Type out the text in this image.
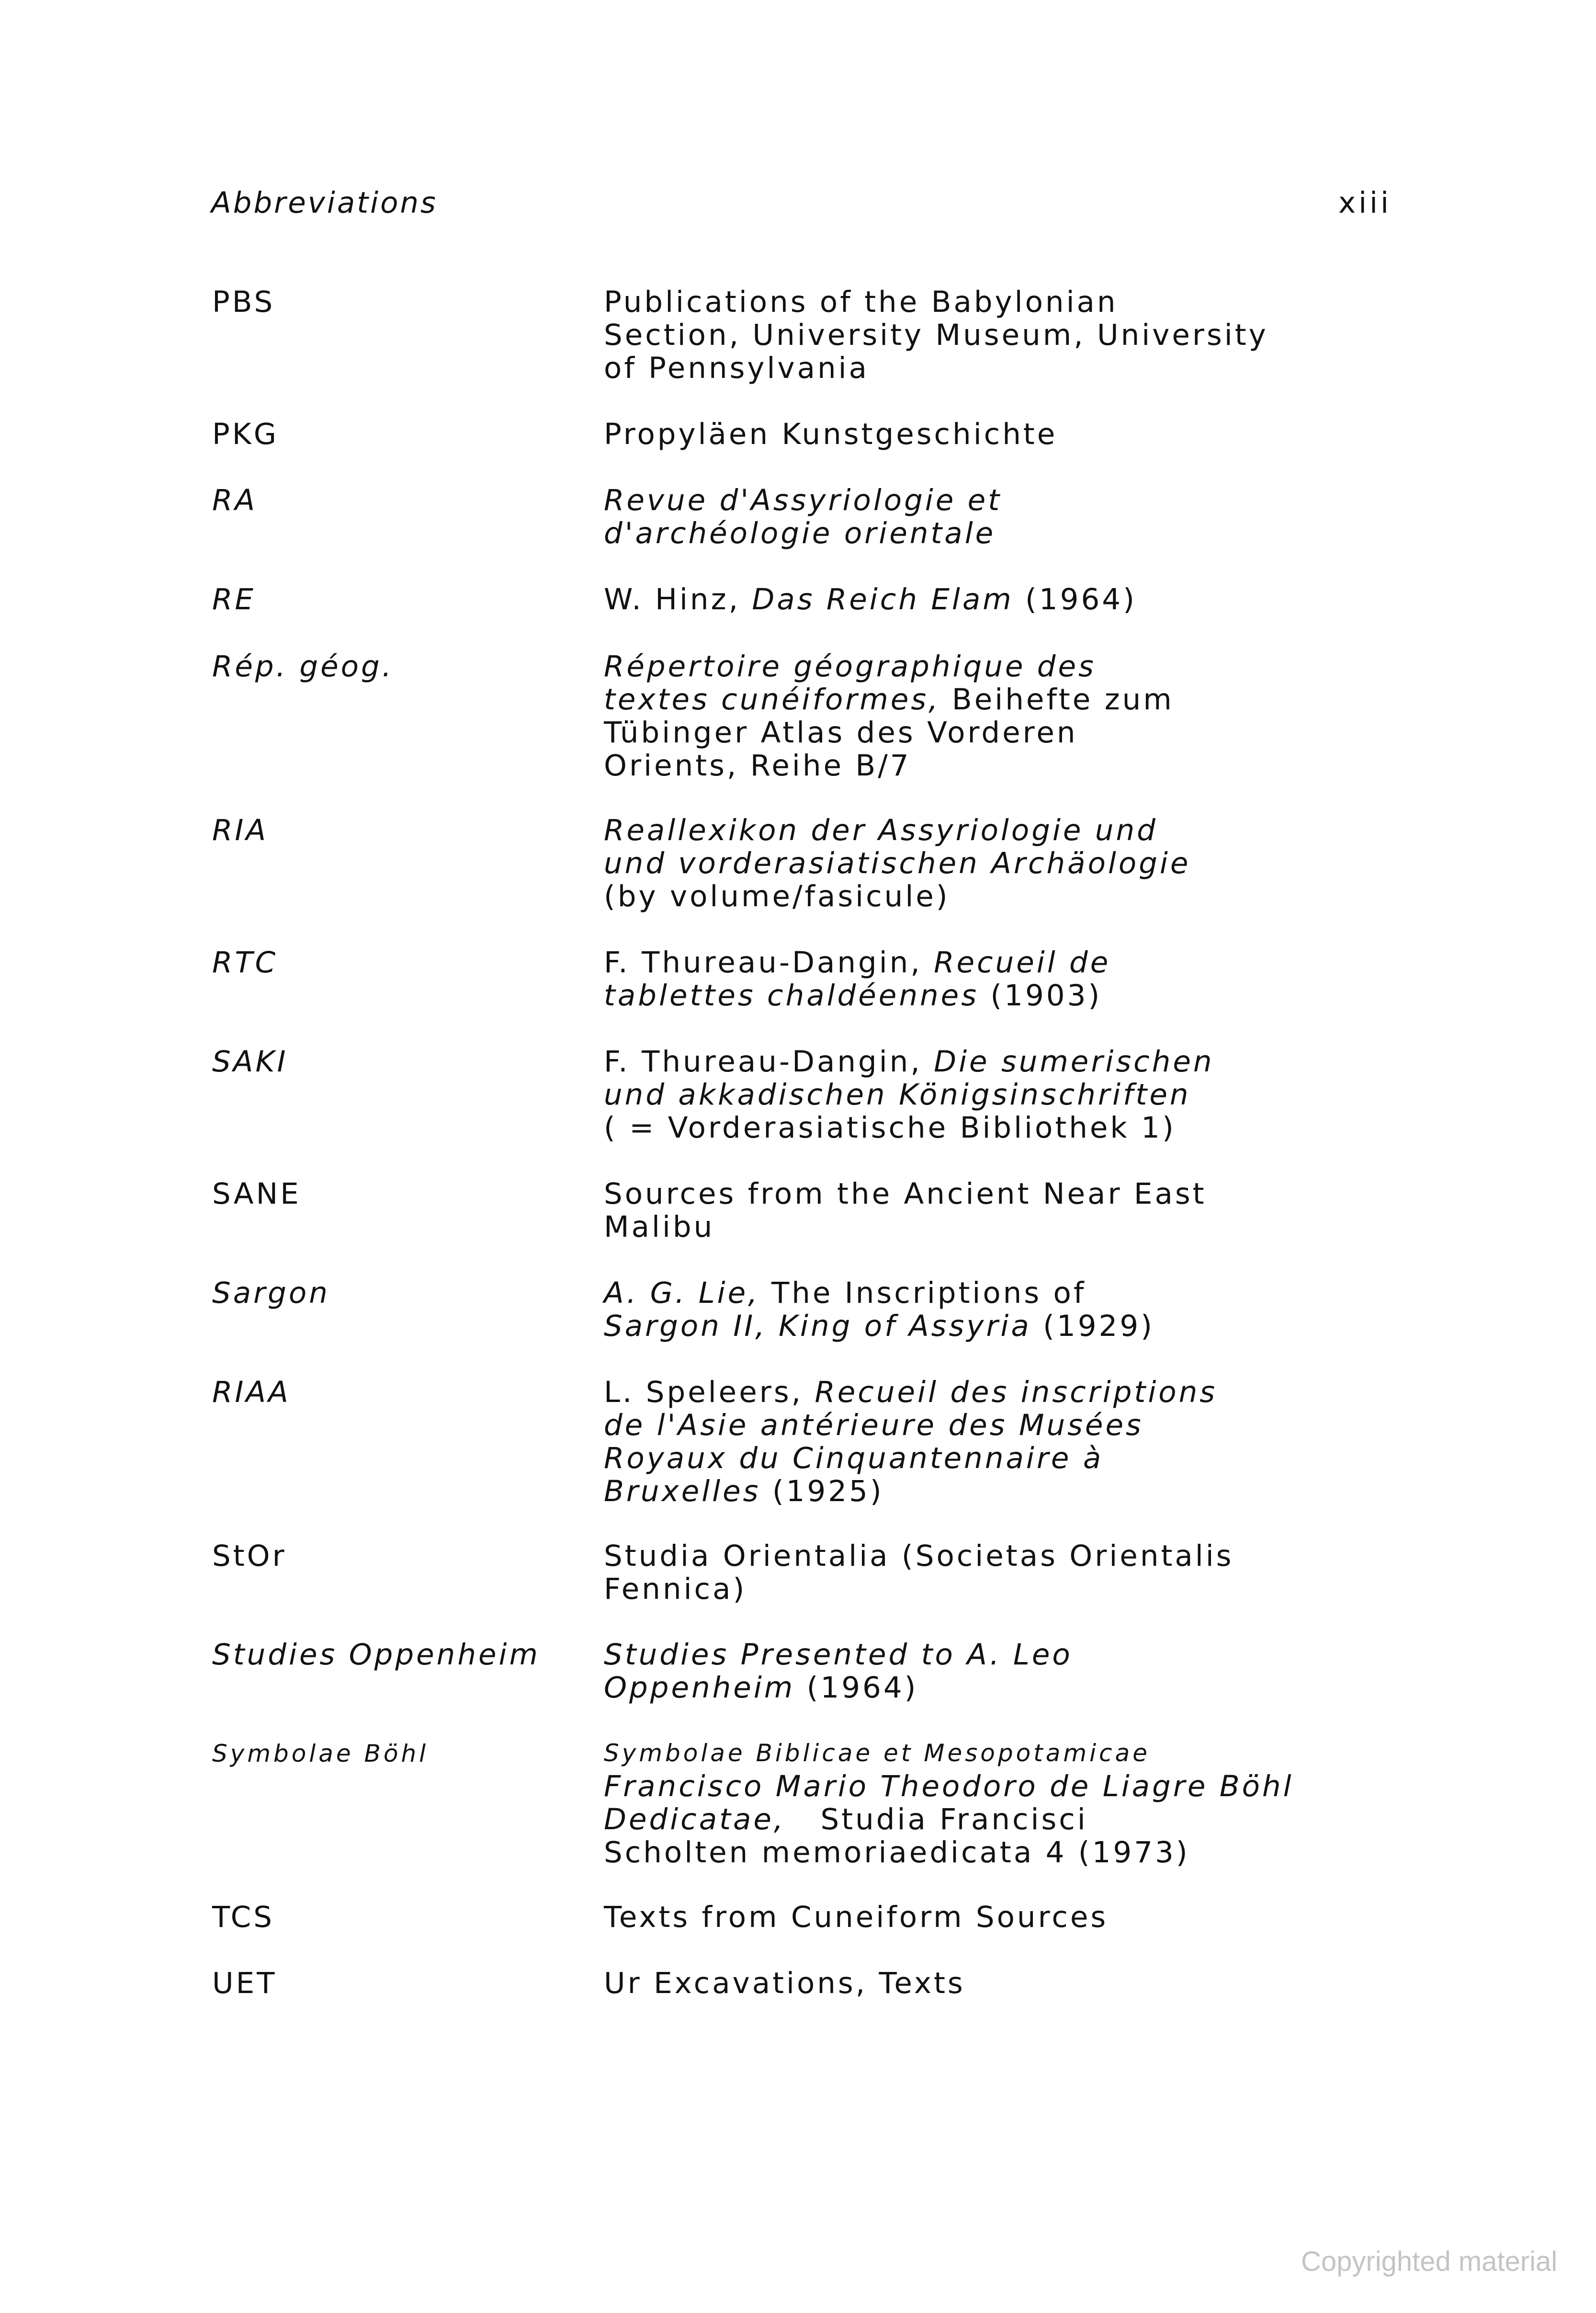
Abbreviations	xiii
PBS	Publications of the Babylonian
Section, University Museum, University
of Pennsylvania
PKG	Propyläen Kunstgeschichte
RA	Revue d'Assyriologie et
d'archéologie orientale
RE	W. Hinz, Das Reich Elam (1964)
Rép. géog.	Répertoire géographique des
textes cunéiformes, Beihefte zum
Tübinger Atlas des Vorderen
Orients, Reihe B/7
RIA	Reallexikon der Assyriologie und
und vorderasiatischen Archäologie
(by volume/fasicule)
RTC	F. Thureau-Dangin, Recueil de
tablettes chaldéennes (1903)
SAKI	F. Thureau-Dangin, Die sumerischen
und akkadischen Königsinschriften
( = Vorderasiatische Bibliothek 1)
SANE	Sources from the Ancient Near East
Malibu
Sargon	A. G. Lie, The Inscriptions of
Sargon II, King of Assyria (1929)
RIAA	L. Speleers, Recueil des inscriptions
de l'Asie antérieure des Musées
Royaux du Cinquantennaire à
Bruxelles (1925)
StOr	Studia Orientalia (Societas Orientalis
Fennica)
Studies Oppenheim	Studies Presented to A. Leo
Oppenheim (1964)
Symbolae Böhl	Symbolae Biblicae et Mesopotamicae
Francisco Mario Theodoro de Liagre Böhl
Dedicatae, Studia Francisci
Scholten memoriaedicata 4 (1973)
TCS	Texts from Cuneiform Sources
UET	Ur Excavations, Texts
Copyrighted material
